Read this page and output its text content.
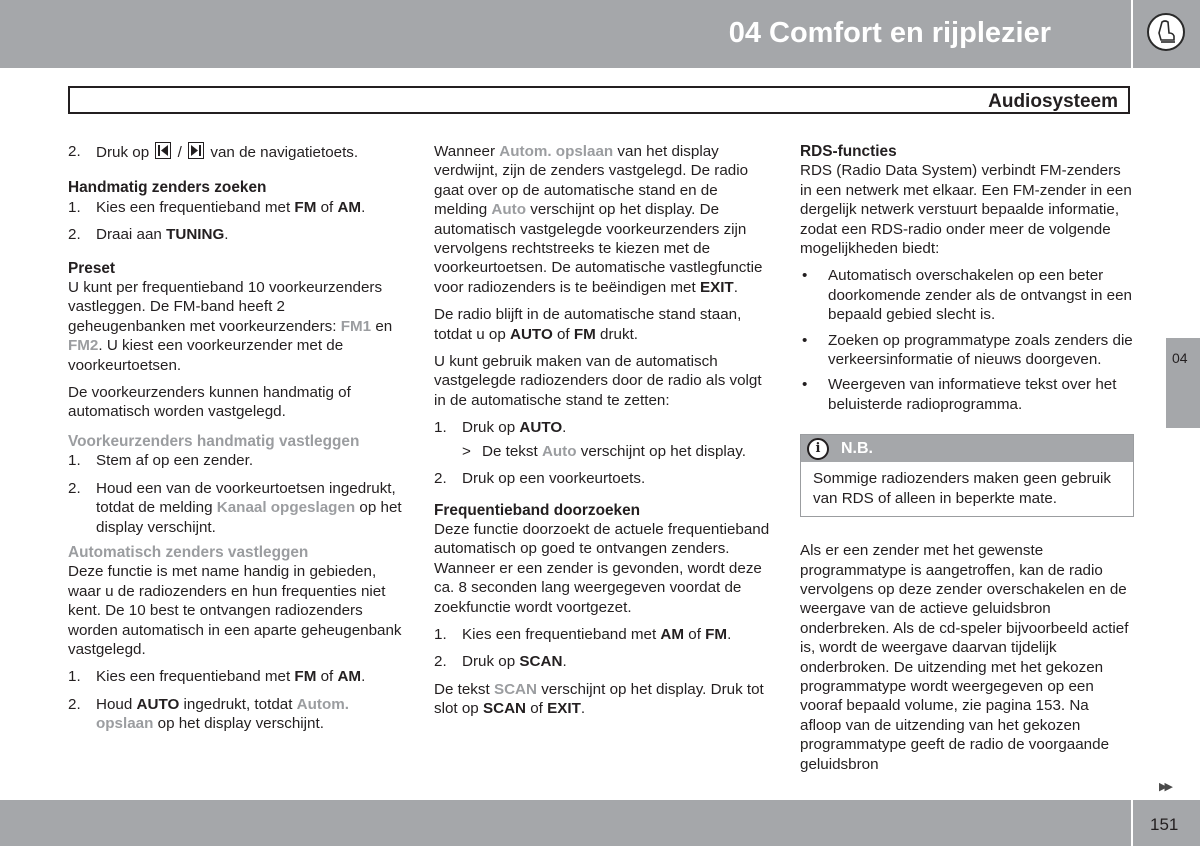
04 Comfort en rijplezier
Audiosysteem
2. Druk op / van de navigatietoets.
Handmatig zenders zoeken
1. Kies een frequentieband met FM of AM.
2. Draai aan TUNING.
Preset

U kunt per frequentieband 10 voorkeurzenders vastleggen. De FM-band heeft 2 geheugenbanken met voorkeurzenders: FM1 en FM2. U kiest een voorkeurzender met de voorkeurtoetsen.

De voorkeurzenders kunnen handmatig of automatisch worden vastgelegd.

Voorkeurzenders handmatig vastleggen
1. Stem af op een zender.
2. Houd een van de voorkeurtoetsen ingedrukt, totdat de melding Kanaal opgeslagen op het display verschijnt.
Automatisch zenders vastleggen

Deze functie is met name handig in gebieden, waar u de radiozenders en hun frequenties niet kent. De 10 best te ontvangen radiozenders worden automatisch in een aparte geheugenbank vastgelegd.

1. Kies een frequentieband met FM of AM.
2. Houd AUTO ingedrukt, totdat Autom. opslaan op het display verschijnt.

Wanneer Autom. opslaan van het display verdwijnt, zijn de zenders vastgelegd. De radio gaat over op de automatische stand en de melding Auto verschijnt op het display. De automatisch vastgelegde voorkeurzenders zijn vervolgens rechtstreeks te kiezen met de voorkeurtoetsen. De automatische vastlegfunctie voor radiozenders is te beëindigen met EXIT.

De radio blijft in de automatische stand staan, totdat u op AUTO of FM drukt.

U kunt gebruik maken van de automatisch vastgelegde radiozenders door de radio als volgt in de automatische stand te zetten:

1. Druk op AUTO.
> De tekst Auto verschijnt op het display.
2. Druk op een voorkeurtoets.
Frequentieband doorzoeken

Deze functie doorzoekt de actuele frequentieband automatisch op goed te ontvangen zenders. Wanneer er een zender is gevonden, wordt deze ca. 8 seconden lang weergegeven voordat de zoekfunctie wordt voortgezet.

1. Kies een frequentieband met AM of FM.
2. Druk op SCAN.

De tekst SCAN verschijnt op het display. Druk tot slot op SCAN of EXIT.

RDS-functies

RDS (Radio Data System) verbindt FM-zenders in een netwerk met elkaar. Een FM-zender in een dergelijk netwerk verstuurt bepaalde informatie, zodat een RDS-radio onder meer de volgende mogelijkheden biedt:

• Automatisch overschakelen op een beter doorkomende zender als de ontvangst in een bepaald gebied slecht is.
• Zoeken op programmatype zoals zenders die verkeersinformatie of nieuws doorgeven.
• Weergeven van informatieve tekst over het beluisterde radioprogramma.
i	N.B.
Sommige radiozenders maken geen gebruik van RDS of alleen in beperkte mate.

Als er een zender met het gewenste programmatype is aangetroffen, kan de radio vervolgens op deze zender overschakelen en de weergave van de actieve geluidsbron onderbreken. Als de cd-speler bijvoorbeeld actief is, wordt de weergave daarvan tijdelijk onderbroken. De uitzending met het gekozen programmatype wordt weergegeven op een vooraf bepaald volume, zie pagina 153. Na afloop van de uitzending van het gekozen programmatype geeft de radio de voorgaande geluidsbron

04
▶▶
151
